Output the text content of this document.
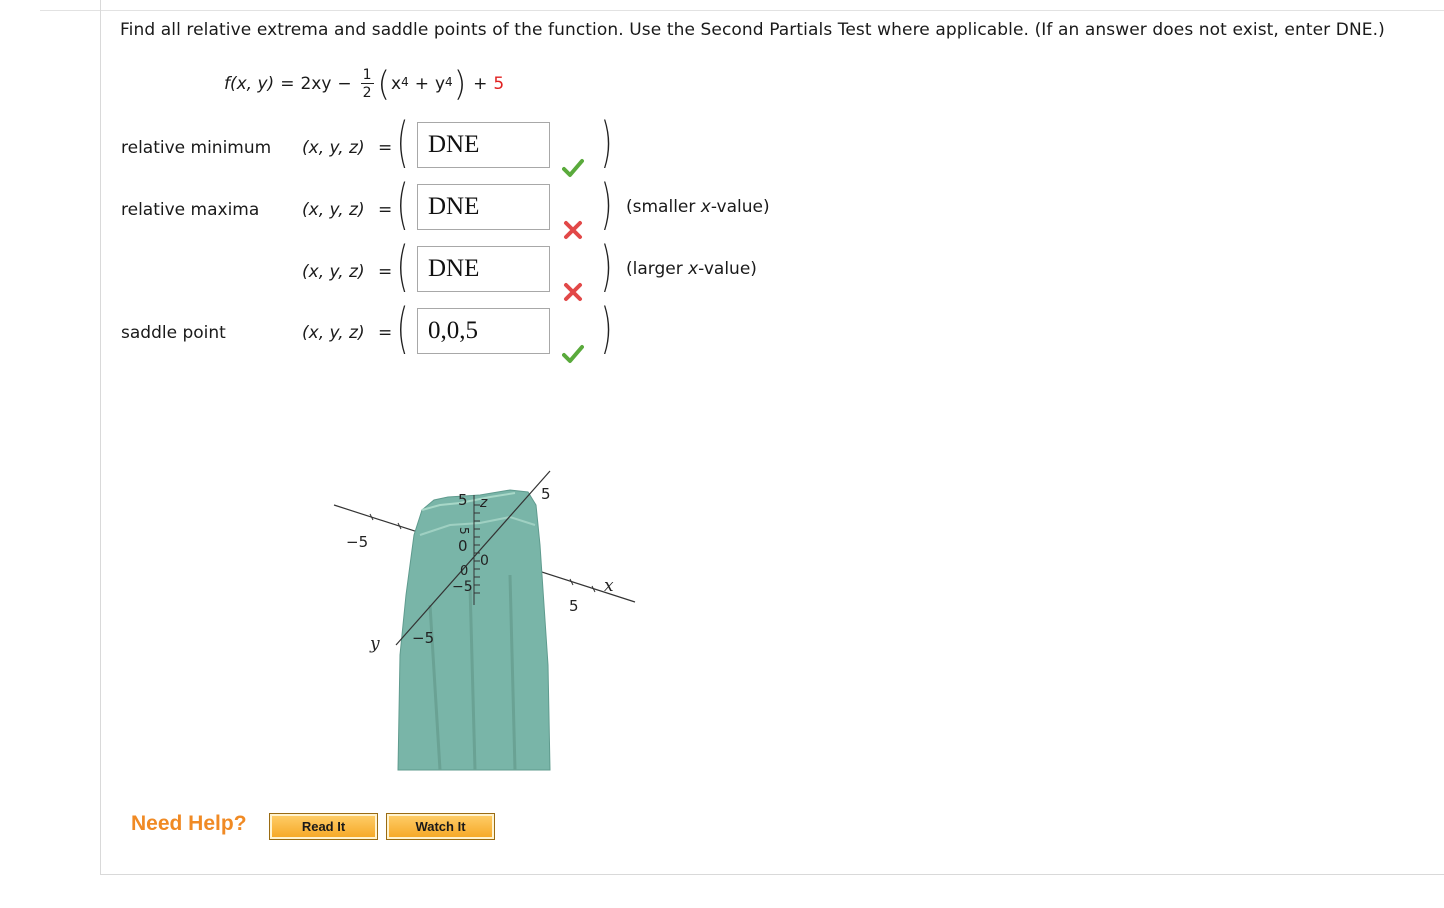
Find all relative extrema and saddle points of the function. Use the Second Partials Test where applicable. (If an answer does not exist, enter DNE.)
f(x, $y) = 2xy - \frac{1}{2}$ ( x 4 + y 4 ) + 5
relative minimum (x, y, z) = (
DNE	)
relative maxima	(x, y, z) = (
DNE	) (smaller x-value)
(x, y, z) = (
DNE	) (larger x-value)
saddle point	(x, y, z) = (
0,0,5	)
x
y
z	5
−5
5
0
0
0
−5
5
−5
5
Need Help?	Read It	Watch It
